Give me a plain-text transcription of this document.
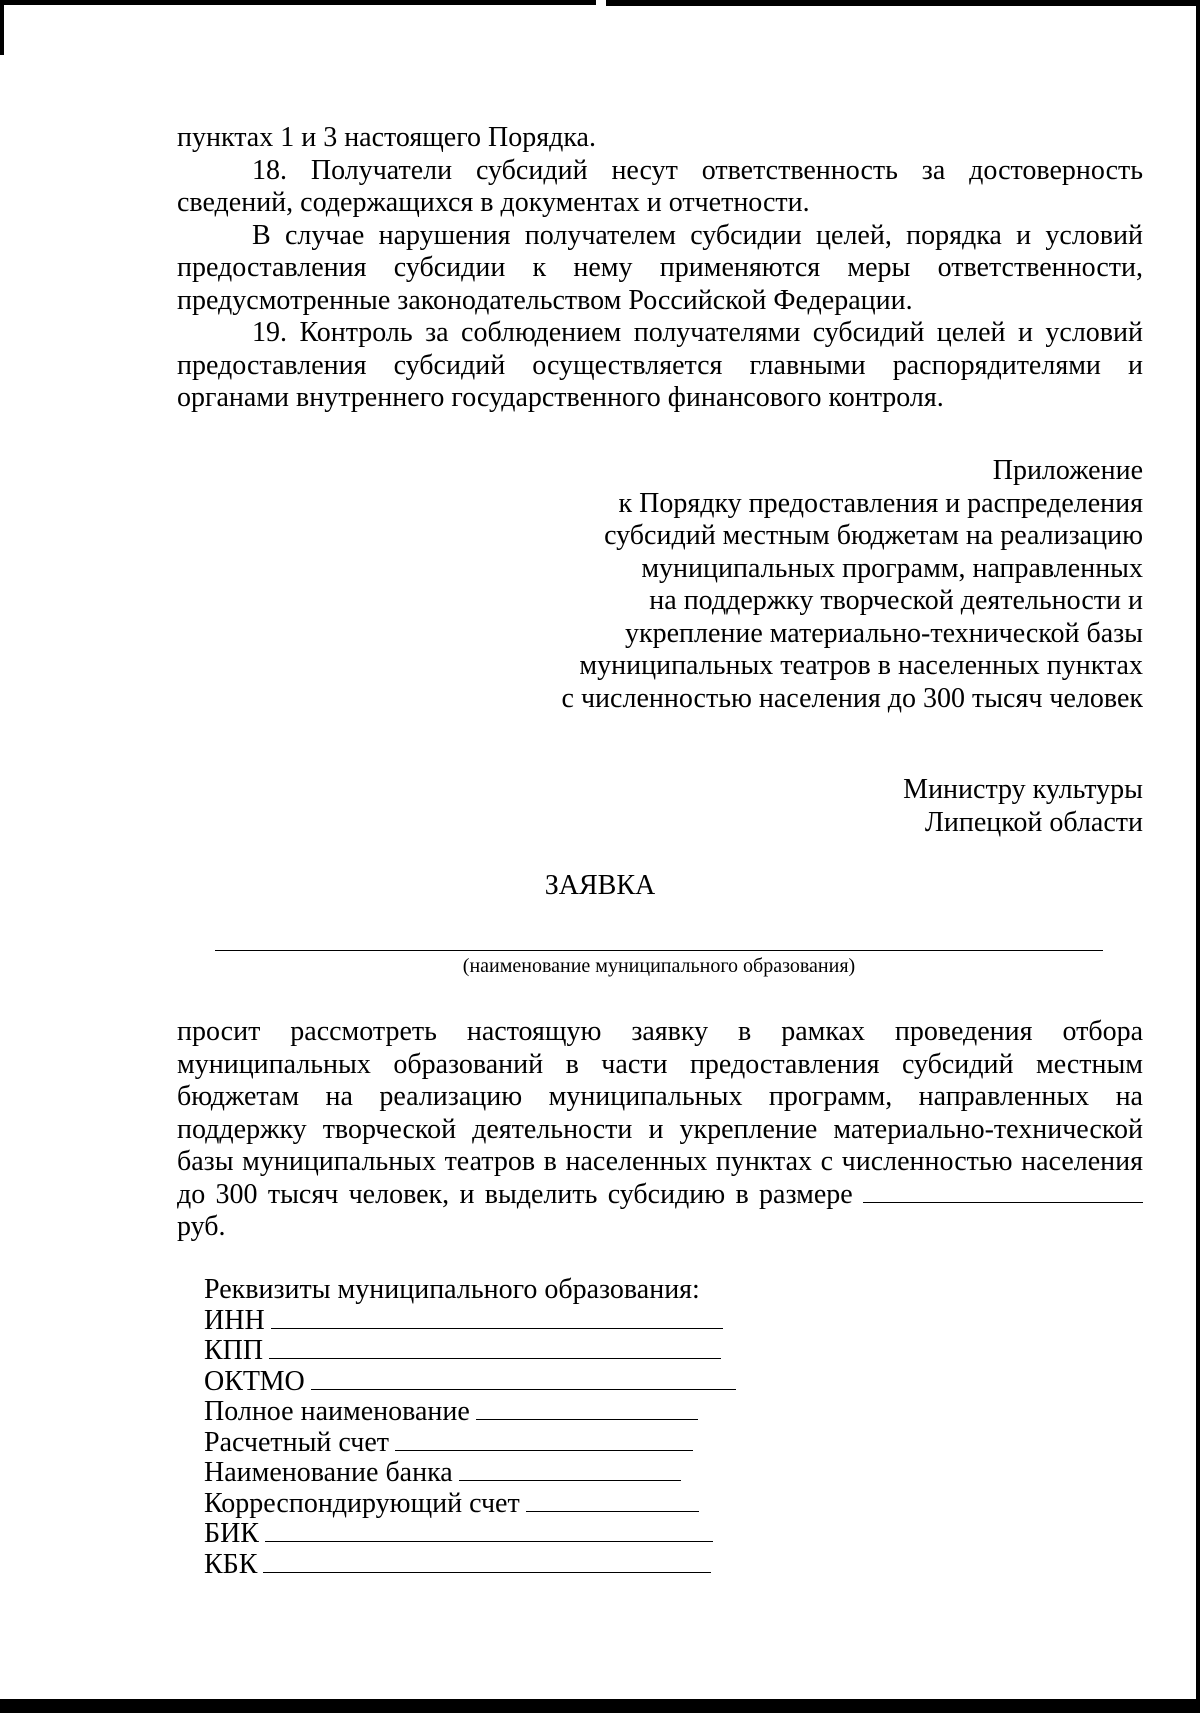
пунктах 1 и 3 настоящего Порядка.

18. Получатели субсидий несут ответственность за достоверность сведений, содержащихся в документах и отчетности.

В случае нарушения получателем субсидии целей, порядка и условий предоставления субсидии к нему применяются меры ответственности, предусмотренные законодательством Российской Федерации.

19. Контроль за соблюдением получателями субсидий целей и условий предоставления субсидий осуществляется главными распорядителями и органами внутреннего государственного финансового контроля.

Приложение
к Порядку предоставления и распределения
субсидий местным бюджетам на реализацию
муниципальных программ, направленных
на поддержку творческой деятельности и
укрепление материально-технической базы
муниципальных театров в населенных пунктах
с численностью населения до 300 тысяч человек
Министру культуры
Липецкой области
ЗАЯВКА
(наименование муниципального образования)
просит рассмотреть настоящую заявку в рамках проведения отбора муниципальных образований в части предоставления субсидий местным бюджетам на реализацию муниципальных программ, направленных на поддержку творческой деятельности и укрепление материально-технической базы муниципальных театров в населенных пунктах с численностью населения до 300 тысяч человек, и выделить субсидию в размере  руб.
Реквизиты муниципального образования:
ИНН
КПП
ОКТМО
Полное наименование
Расчетный счет
Наименование банка
Корреспондирующий счет
БИК
КБК
